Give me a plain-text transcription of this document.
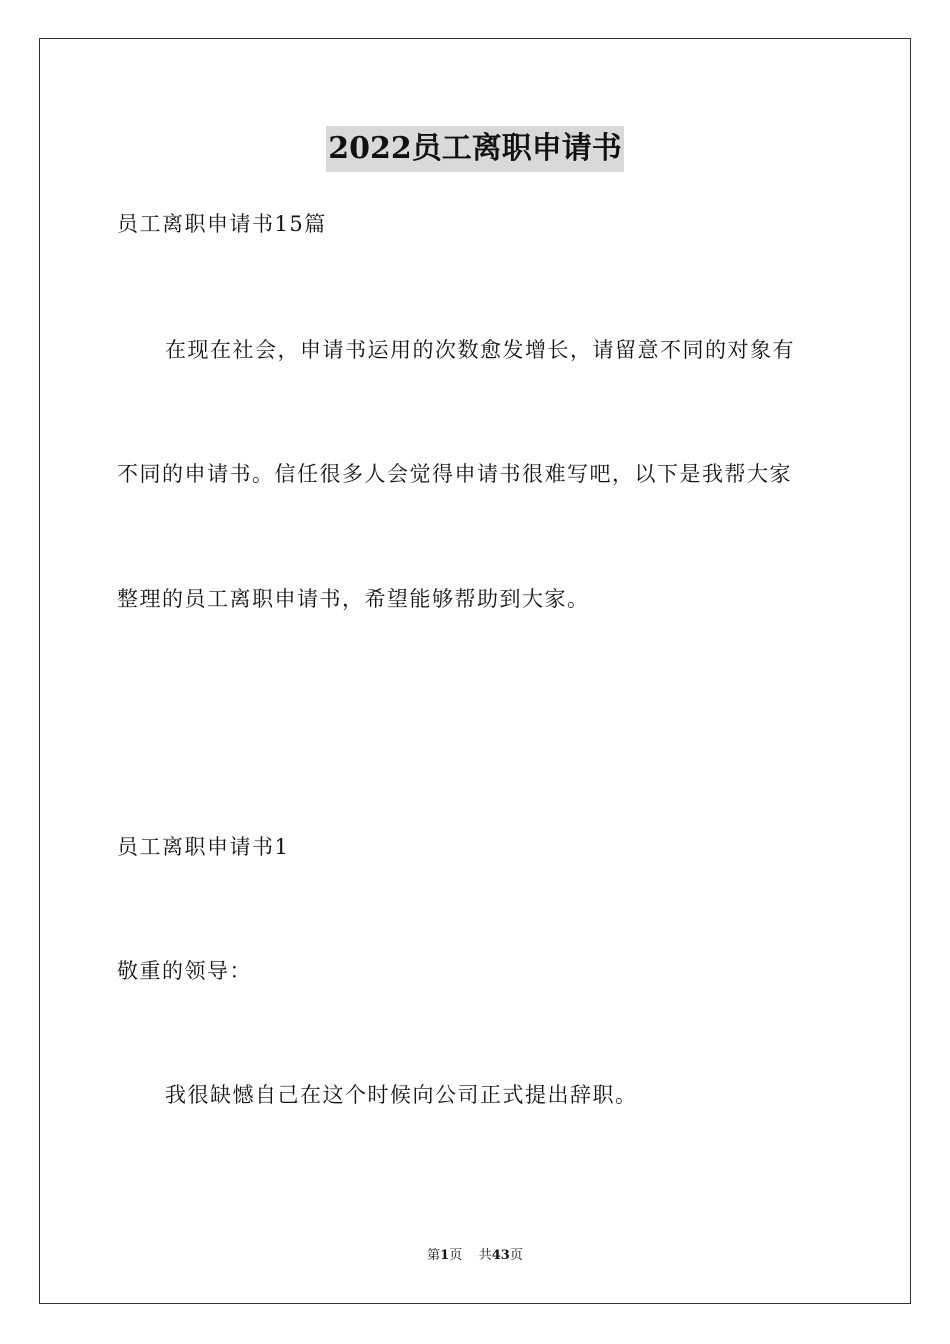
2022员工离职申请书
员工离职申请书15篇
在现在社会，申请书运用的次数愈发增长，请留意不同的对象有
不同的申请书。信任很多人会觉得申请书很难写吧，以下是我帮大家
整理的员工离职申请书，希望能够帮助到大家。
员工离职申请书1
敬重的领导：
我很缺憾自己在这个时候向公司正式提出辞职。
第1页 共43页
